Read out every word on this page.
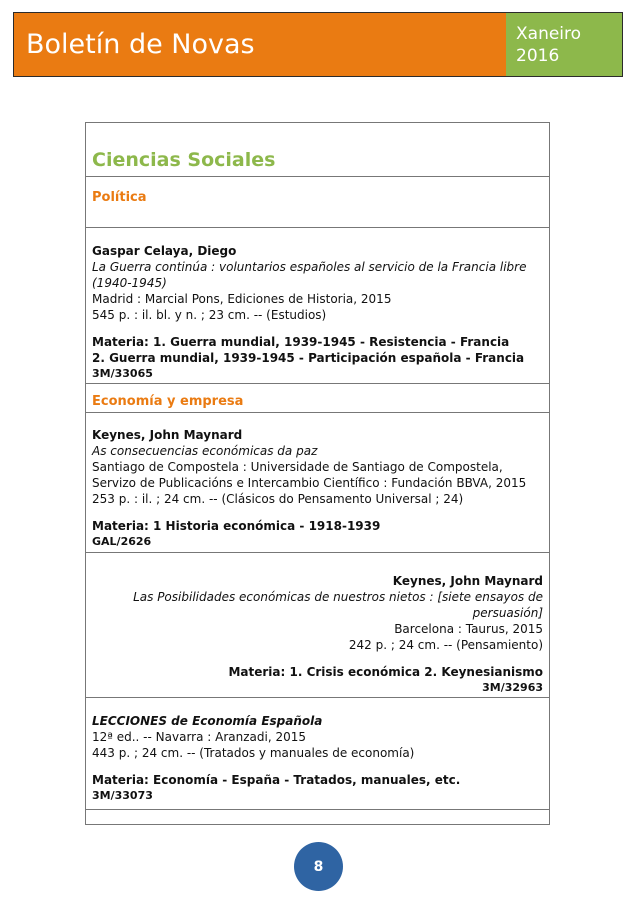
Boletín de Novas	Xaneiro
2016
Ciencias Sociales
Política
Gaspar Celaya, Diego
La Guerra continúa : voluntarios españoles al servicio de la Francia libre (1940-1945)
Madrid : Marcial Pons, Ediciones de Historia, 2015
545 p. : il. bl. y n. ; 23 cm. -- (Estudios)
Materia: 1. Guerra mundial, 1939-1945 - Resistencia - Francia
2. Guerra mundial, 1939-1945 - Participación española - Francia
3M/33065
Economía y empresa
Keynes, John Maynard
As consecuencias económicas da paz
Santiago de Compostela : Universidade de Santiago de Compostela, Servizo de Publicacións e Intercambio Científico : Fundación BBVA, 2015
253 p. : il. ; 24 cm. -- (Clásicos do Pensamento Universal ; 24)
Materia: 1 Historia económica - 1918-1939
GAL/2626
Keynes, John Maynard
Las Posibilidades económicas de nuestros nietos : [siete ensayos de persuasión]
Barcelona : Taurus, 2015
242 p. ; 24 cm. -- (Pensamiento)
Materia: 1. Crisis económica 2. Keynesianismo
3M/32963
LECCIONES de Economía Española
12ª ed.. -- Navarra : Aranzadi, 2015
443 p. ; 24 cm. -- (Tratados y manuales de economía)
Materia: Economía - España - Tratados, manuales, etc.
3M/33073
8
